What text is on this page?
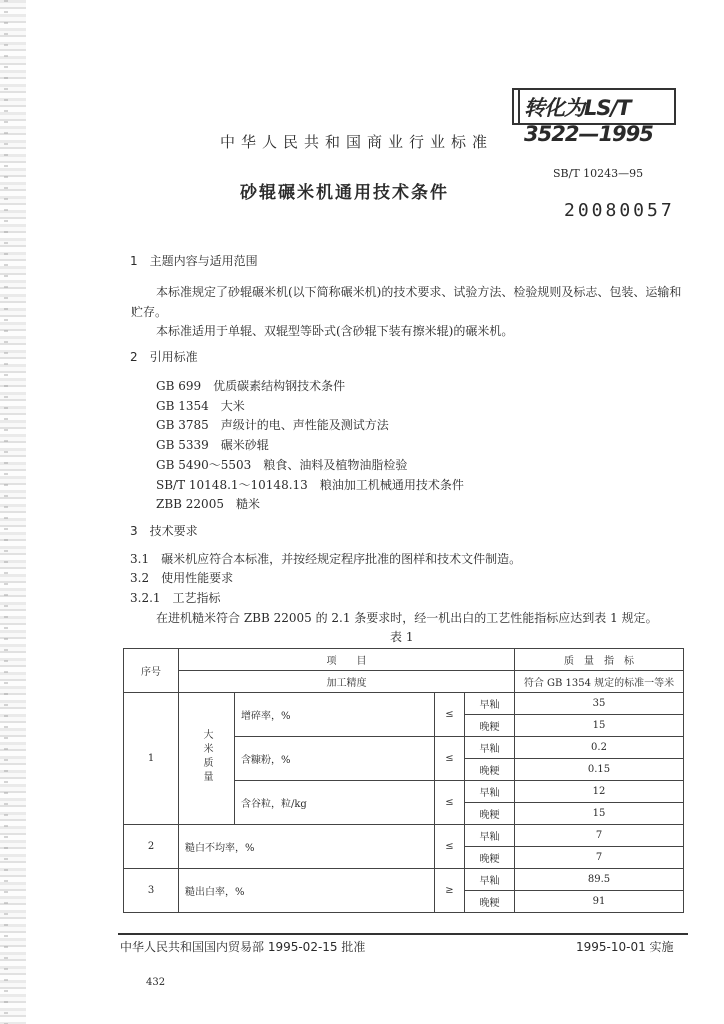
转化为LS/T 3522—1995
中华人民共和国商业行业标准
SB/T 10243—95
砂辊碾米机通用技术条件
20080057
1　主题内容与适用范围
本标准规定了砂辊碾米机(以下简称碾米机)的技术要求、试验方法、检验规则及标志、包装、运输和
贮存。
本标准适用于单辊、双辊型等卧式(含砂辊下装有擦米辊)的碾米机。
2　引用标准
GB 699　 优质碳素结构钢技术条件
GB 1354　 大米
GB 3785　 声级计的电、声性能及测试方法
GB 5339　 碾米砂辊
GB 5490～5503　 粮食、油料及植物油脂检验
SB/T 10148.1～10148.13　 粮油加工机械通用技术条件
ZBB 22005　 糙米
3　技术要求
3.1　碾米机应符合本标准，并按经规定程序批准的图样和技术文件制造。
3.2　使用性能要求
3.2.1　工艺指标
在进机糙米符合 ZBB 22005 的 2.1 条要求时，经一机出白的工艺性能指标应达到表 1 规定。
表 1
序号	项　　目				质　量　指　标
	加工精度				符合 GB 1354 规定的标准一等米
1	大米质量	增碎率，%	≤	早籼	35
				晚粳	15
		含糠粉，%	≤	早籼	0.2
				晚粳	0.15
		含谷粒，粒/kg	≤	早籼	12
				晚粳	15
2	糙白不均率，%		≤	早籼	7
				晚粳	7
3	糙出白率，%		≥	早籼	89.5
				晚粳	91
中华人民共和国国内贸易部 1995-02-15 批准	1995-10-01 实施
432
